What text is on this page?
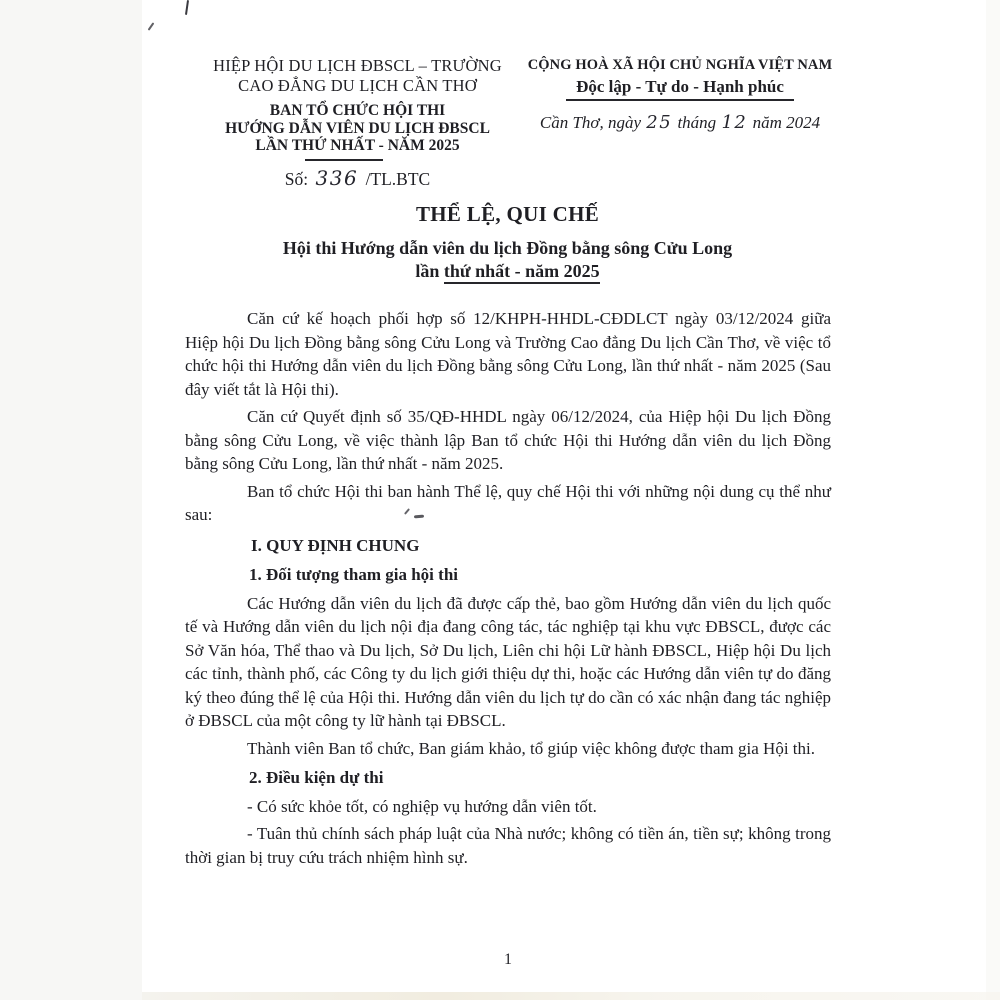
HIỆP HỘI DU LỊCH ĐBSCL – TRƯỜNG
CAO ĐẲNG DU LỊCH CẦN THƠ
BAN TỔ CHỨC HỘI THI
HƯỚNG DẪN VIÊN DU LỊCH ĐBSCL
LẦN THỨ NHẤT - NĂM 2025
Số: 336 /TL.BTC
CỘNG HOÀ XÃ HỘI CHỦ NGHĨA VIỆT NAM
Độc lập - Tự do - Hạnh phúc
Cần Thơ, ngày 25 tháng 12 năm 2024
THỂ LỆ, QUI CHẾ
Hội thi Hướng dẫn viên du lịch Đồng bằng sông Cửu Long
lần thứ nhất - năm 2025

Căn cứ kế hoạch phối hợp số 12/KHPH-HHDL-CĐDLCT ngày 03/12/2024 giữa Hiệp hội Du lịch Đồng bằng sông Cửu Long và Trường Cao đẳng Du lịch Cần Thơ, về việc tổ chức hội thi Hướng dẫn viên du lịch Đồng bằng sông Cửu Long, lần thứ nhất - năm 2025 (Sau đây viết tắt là Hội thi).

Căn cứ Quyết định số 35/QĐ-HHDL ngày 06/12/2024, của Hiệp hội Du lịch Đồng bằng sông Cửu Long, về việc thành lập Ban tổ chức Hội thi Hướng dẫn viên du lịch Đồng bằng sông Cửu Long, lần thứ nhất - năm 2025.

Ban tổ chức Hội thi ban hành Thể lệ, quy chế Hội thi với những nội dung cụ thể như sau:

I. QUY ĐỊNH CHUNG

1. Đối tượng tham gia hội thi

Các Hướng dẫn viên du lịch đã được cấp thẻ, bao gồm Hướng dẫn viên du lịch quốc tế và Hướng dẫn viên du lịch nội địa đang công tác, tác nghiệp tại khu vực ĐBSCL, được các Sở Văn hóa, Thể thao và Du lịch, Sở Du lịch, Liên chi hội Lữ hành ĐBSCL, Hiệp hội Du lịch các tỉnh, thành phố, các Công ty du lịch giới thiệu dự thi, hoặc các Hướng dẫn viên tự do đăng ký theo đúng thể lệ của Hội thi. Hướng dẫn viên du lịch tự do cần có xác nhận đang tác nghiệp ở ĐBSCL của một công ty lữ hành tại ĐBSCL.

Thành viên Ban tổ chức, Ban giám khảo, tổ giúp việc không được tham gia Hội thi.

2. Điều kiện dự thi

- Có sức khỏe tốt, có nghiệp vụ hướng dẫn viên tốt.

- Tuân thủ chính sách pháp luật của Nhà nước; không có tiền án, tiền sự; không trong thời gian bị truy cứu trách nhiệm hình sự.

1
